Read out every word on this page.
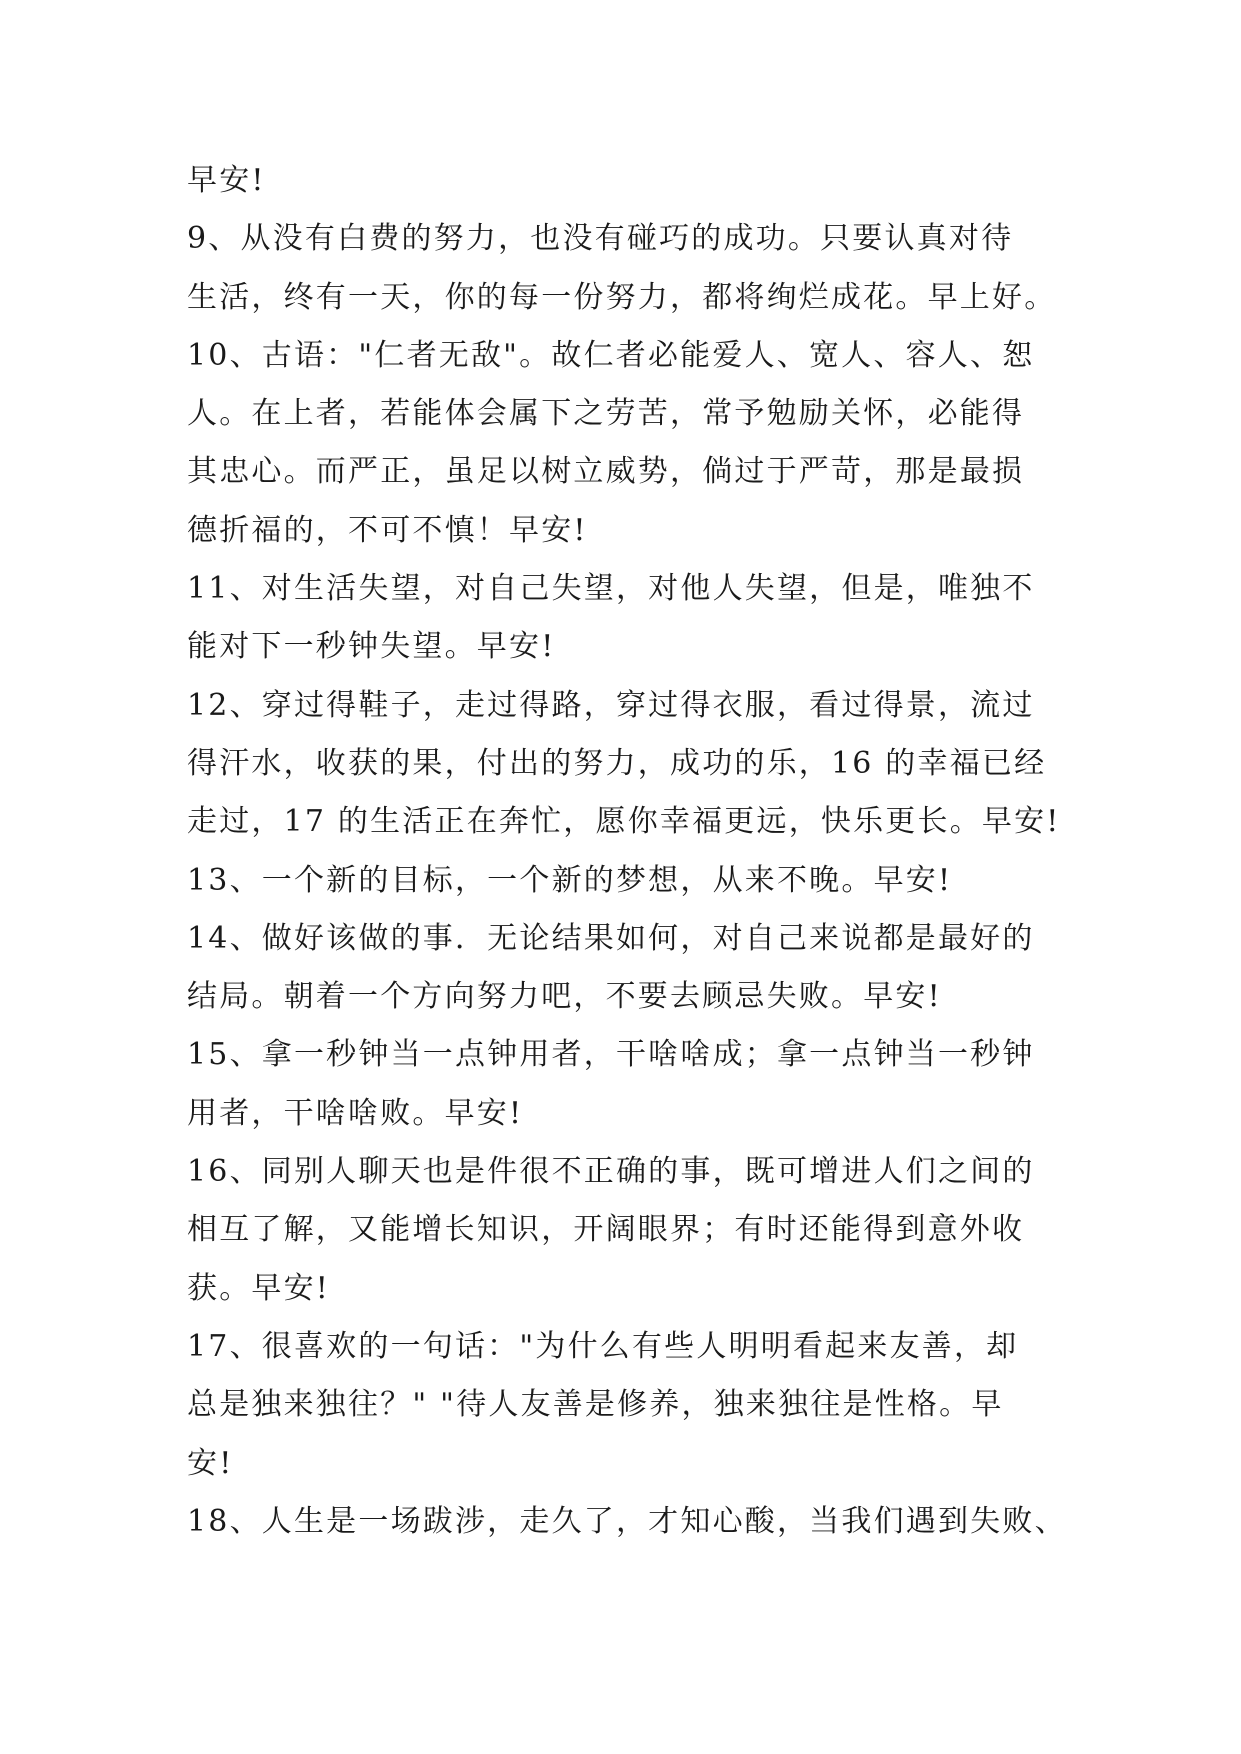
早安!
9、从没有白费的努力，也没有碰巧的成功。只要认真对待
生活，终有一天，你的每一份努力，都将绚烂成花。早上好。
10、古语："仁者无敌"。故仁者必能爱人、宽人、容人、恕
人。在上者，若能体会属下之劳苦，常予勉励关怀，必能得
其忠心。而严正，虽足以树立威势，倘过于严苛，那是最损
德折福的，不可不慎！早安!
11、对生活失望，对自己失望，对他人失望，但是，唯独不
能对下一秒钟失望。早安!
12、穿过得鞋子，走过得路，穿过得衣服，看过得景，流过
得汗水，收获的果，付出的努力，成功的乐，16 的幸福已经
走过，17 的生活正在奔忙，愿你幸福更远，快乐更长。早安!
13、一个新的目标，一个新的梦想，从来不晚。早安!
14、做好该做的事．无论结果如何，对自己来说都是最好的
结局。朝着一个方向努力吧，不要去顾忌失败。早安!
15、拿一秒钟当一点钟用者，干啥啥成；拿一点钟当一秒钟
用者，干啥啥败。早安!
16、同别人聊天也是件很不正确的事，既可增进人们之间的
相互了解，又能增长知识，开阔眼界；有时还能得到意外收
获。早安!
17、很喜欢的一句话："为什么有些人明明看起来友善，却
总是独来独往？" "待人友善是修养，独来独往是性格。早
安!
18、人生是一场跋涉，走久了，才知心酸，当我们遇到失败、
